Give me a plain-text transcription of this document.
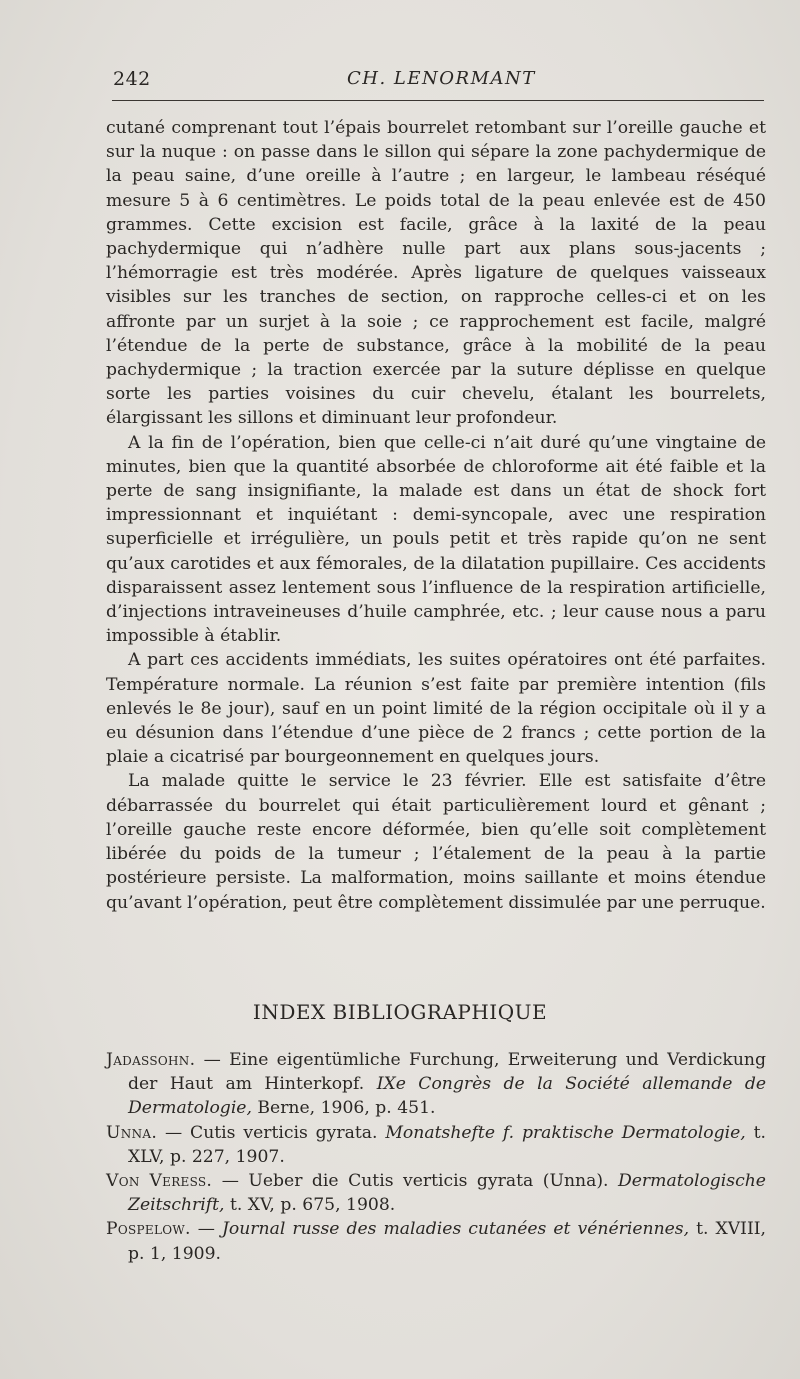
242	CH. LENORMANT

cutané comprenant tout l’épais bourrelet retombant sur l’oreille gauche et sur la nuque : on passe dans le sillon qui sépare la zone pachydermique de la peau saine, d’une oreille à l’autre ; en largeur, le lambeau réséqué mesure 5 à 6 centimètres. Le poids total de la peau enlevée est de 450 grammes. Cette excision est facile, grâce à la laxité de la peau pachydermique qui n’adhère nulle part aux plans sous-jacents ; l’hémorragie est très modérée. Après ligature de quelques vaisseaux visibles sur les tranches de section, on rapproche celles-ci et on les affronte par un surjet à la soie ; ce rapprochement est facile, malgré l’étendue de la perte de substance, grâce à la mobilité de la peau pachydermique ; la traction exercée par la suture déplisse en quelque sorte les parties voisines du cuir chevelu, étalant les bourrelets, élargissant les sillons et diminuant leur profondeur.

A la fin de l’opération, bien que celle-ci n’ait duré qu’une vingtaine de minutes, bien que la quantité absorbée de chloroforme ait été faible et la perte de sang insignifiante, la malade est dans un état de shock fort impressionnant et inquiétant : demi-syncopale, avec une respiration superficielle et irrégulière, un pouls petit et très rapide qu’on ne sent qu’aux carotides et aux fémorales, de la dilatation pupillaire. Ces accidents disparaissent assez lentement sous l’influence de la respiration artificielle, d’injections intraveineuses d’huile camphrée, etc. ; leur cause nous a paru impossible à établir.

A part ces accidents immédiats, les suites opératoires ont été parfaites. Température normale. La réunion s’est faite par première intention (fils enlevés le 8e jour), sauf en un point limité de la région occipitale où il y a eu désunion dans l’étendue d’une pièce de 2 francs ; cette portion de la plaie a cicatrisé par bourgeonnement en quelques jours.

La malade quitte le service le 23 février. Elle est satisfaite d’être débarrassée du bourrelet qui était particulièrement lourd et gênant ; l’oreille gauche reste encore déformée, bien qu’elle soit complètement libérée du poids de la tumeur ; l’étalement de la peau à la partie postérieure persiste. La malformation, moins saillante et moins étendue qu’avant l’opération, peut être complètement dissimulée par une perruque.

INDEX BIBLIOGRAPHIQUE

Jadassohn. — Eine eigentümliche Furchung, Erweiterung und Verdickung der Haut am Hinterkopf. IXe Congrès de la Société allemande de Dermatologie, Berne, 1906, p. 451.

Unna. — Cutis verticis gyrata. Monatshefte f. praktische Dermatologie, t. XLV, p. 227, 1907.

Von Veress. — Ueber die Cutis verticis gyrata (Unna). Dermatologische Zeitschrift, t. XV, p. 675, 1908.

Pospelow. — Journal russe des maladies cutanées et vénériennes, t. XVIII, p. 1, 1909.
